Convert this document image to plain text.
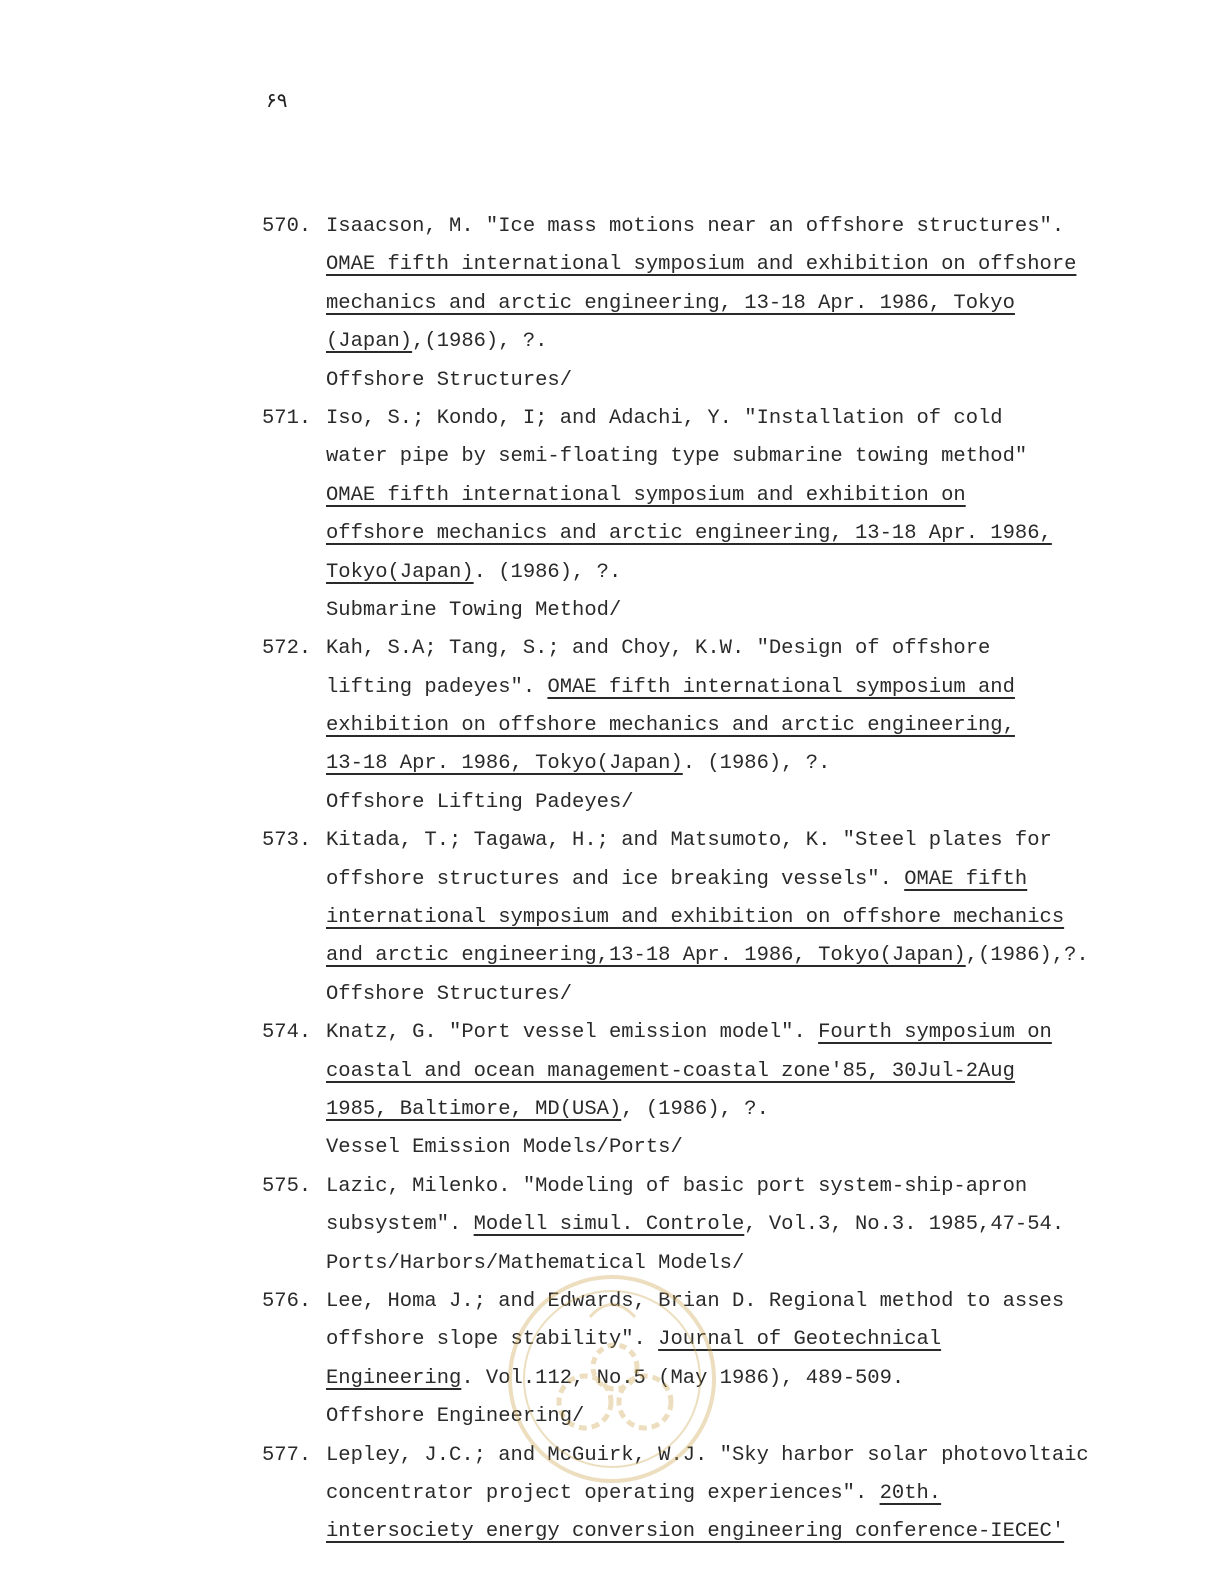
۶۹
570. Isaacson, M. "Ice mass motions near an offshore structures".
OMAE fifth international symposium and exhibition on offshore
mechanics and arctic engineering, 13-18 Apr. 1986, Tokyo
(Japan),(1986), ?.
Offshore Structures/
571. Iso, S.; Kondo, I; and Adachi, Y. "Installation of cold
water pipe by semi-floating type submarine towing method"
OMAE fifth international symposium and exhibition on
offshore mechanics and arctic engineering, 13-18 Apr. 1986,
Tokyo(Japan). (1986), ?.
Submarine Towing Method/
572. Kah, S.A; Tang, S.; and Choy, K.W. "Design of offshore
lifting padeyes". OMAE fifth international symposium and
exhibition on offshore mechanics and arctic engineering,
13-18 Apr. 1986, Tokyo(Japan). (1986), ?.
Offshore Lifting Padeyes/
573. Kitada, T.; Tagawa, H.; and Matsumoto, K. "Steel plates for
offshore structures and ice breaking vessels". OMAE fifth
international symposium and exhibition on offshore mechanics
and arctic engineering,13-18 Apr. 1986, Tokyo(Japan),(1986),?.
Offshore Structures/
574. Knatz, G. "Port vessel emission model". Fourth symposium on
coastal and ocean management-coastal zone'85, 30Jul-2Aug
1985, Baltimore, MD(USA), (1986), ?.
Vessel Emission Models/Ports/
575. Lazic, Milenko. "Modeling of basic port system-ship-apron
subsystem". Modell simul. Controle, Vol.3, No.3. 1985,47-54.
Ports/Harbors/Mathematical Models/
576. Lee, Homa J.; and Edwards, Brian D. Regional method to asses
offshore slope stability". Journal of Geotechnical
Engineering. Vol.112, No.5 (May 1986), 489-509.
Offshore Engineering/
577. Lepley, J.C.; and McGuirk, W.J. "Sky harbor solar photovoltaic
concentrator project operating experiences". 20th.
intersociety energy conversion engineering conference-IECEC'
